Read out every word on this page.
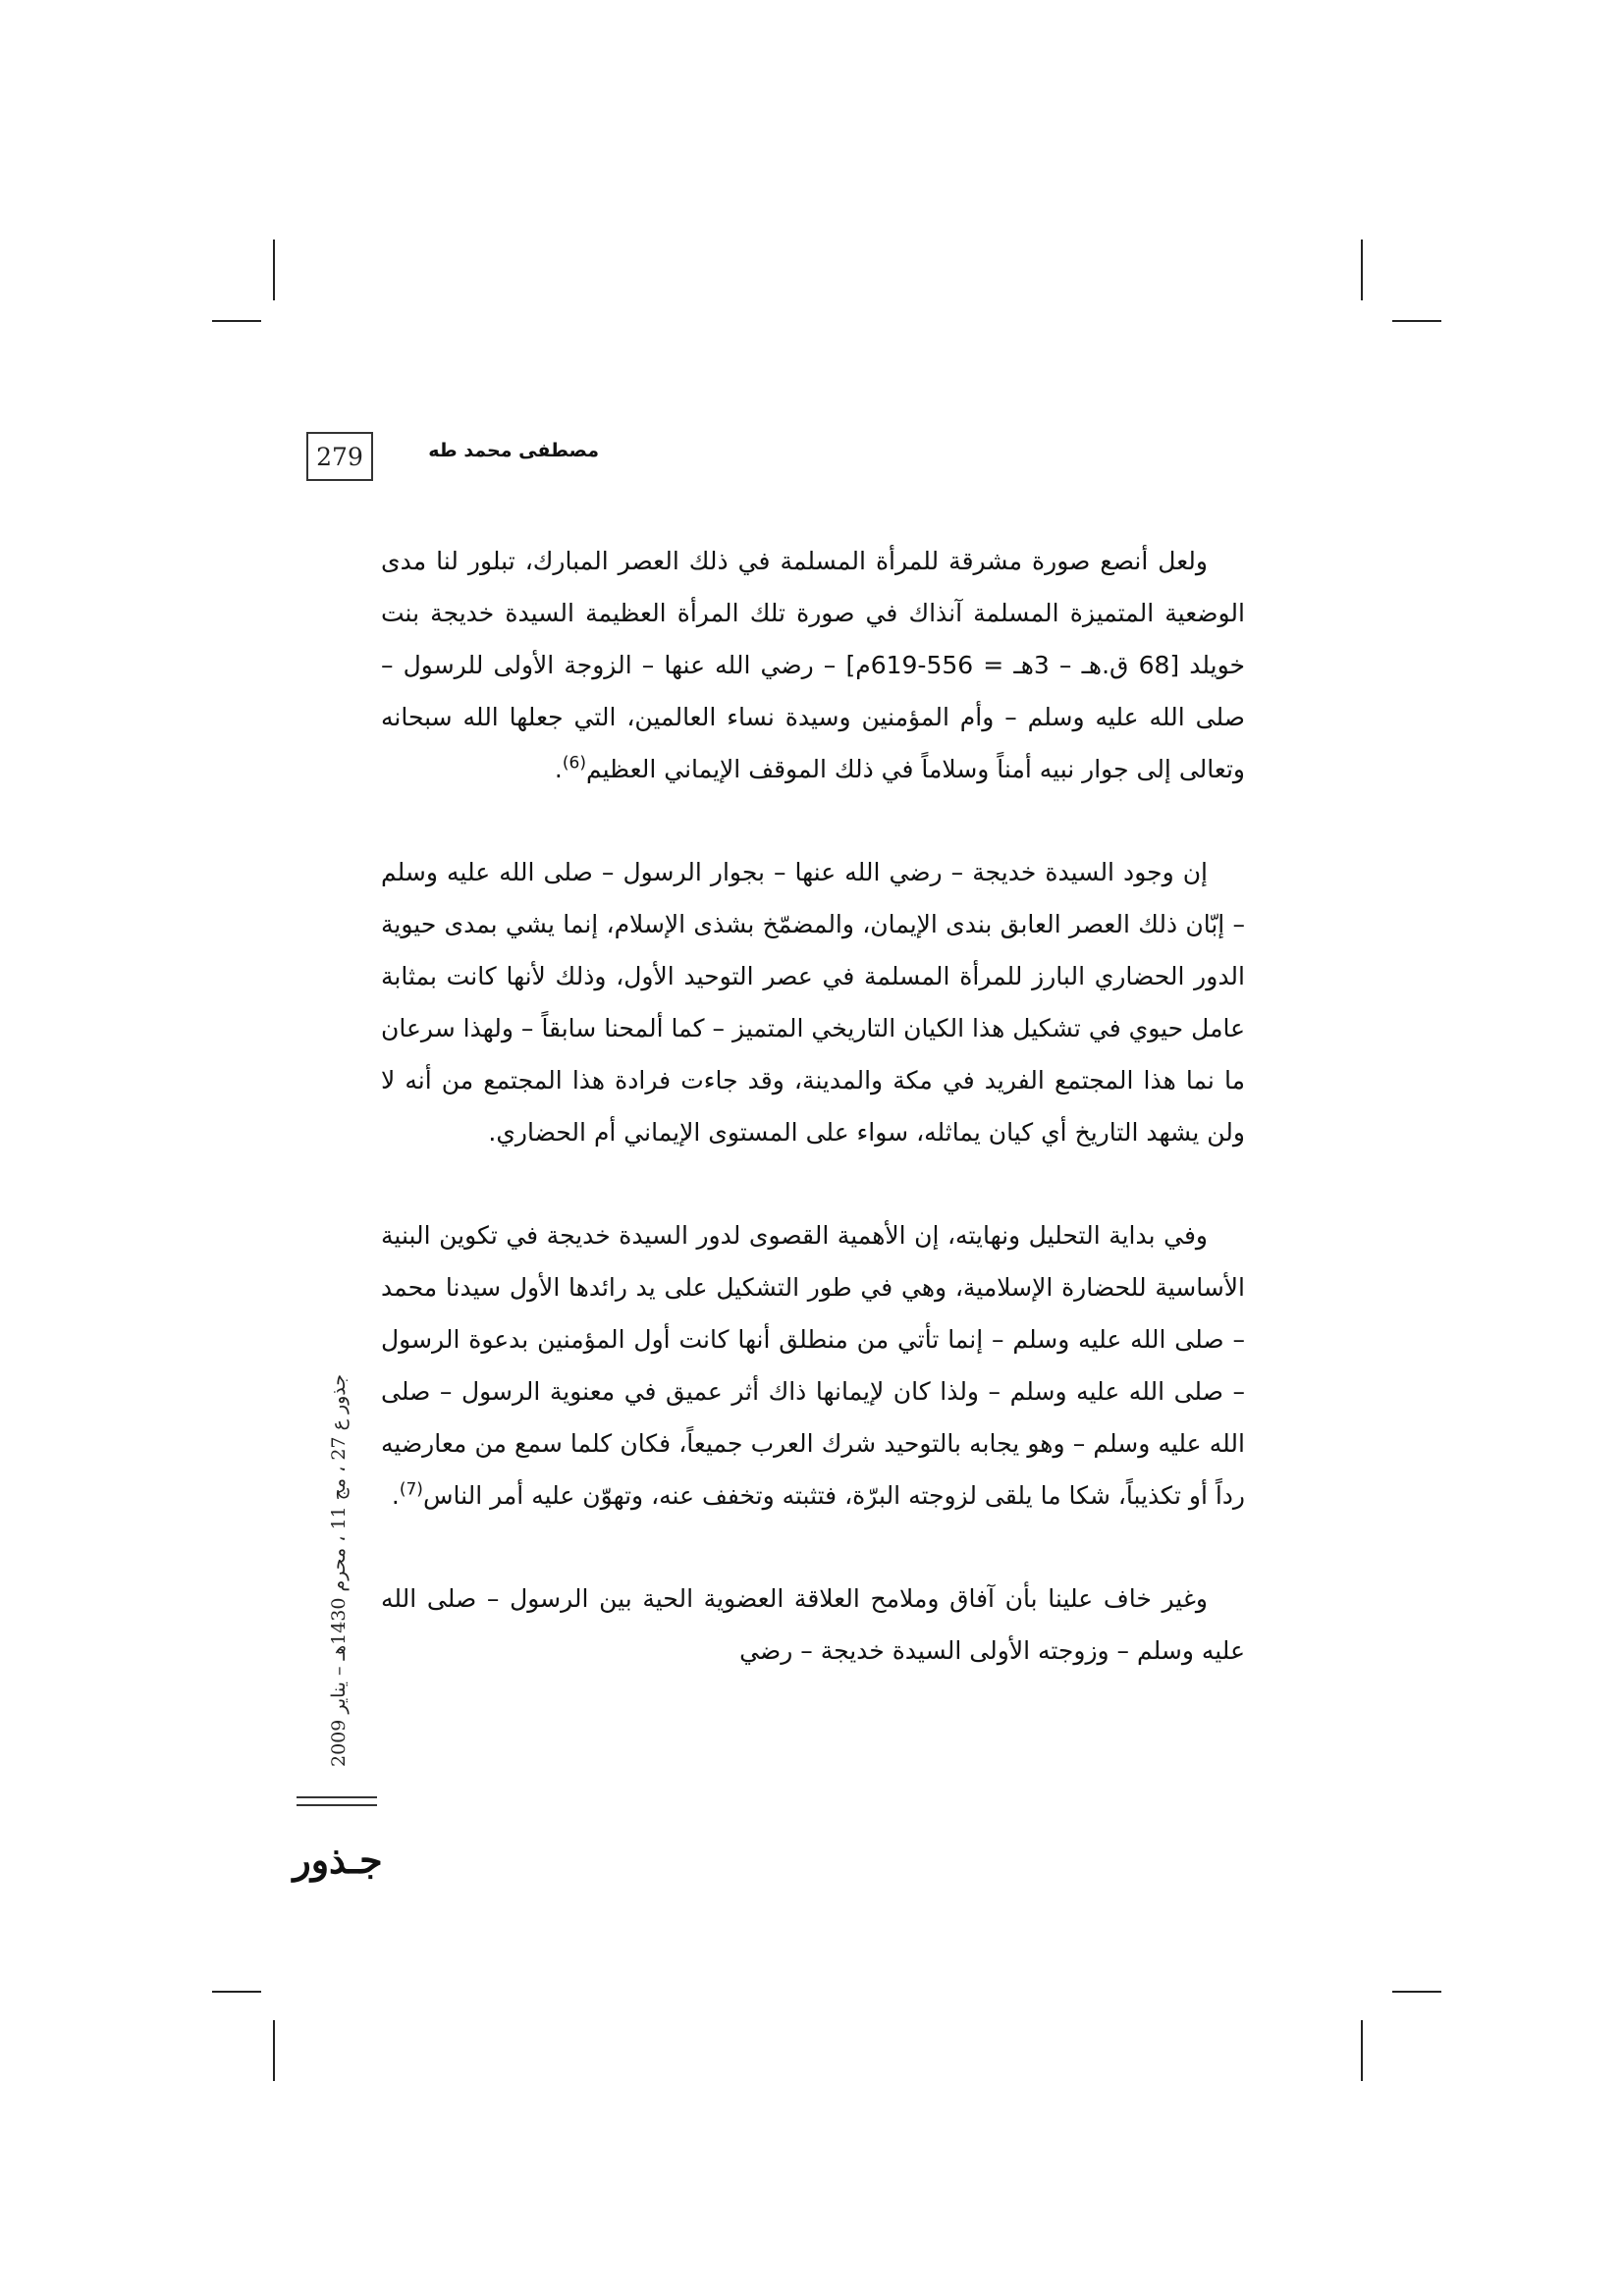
279	مصطفى محمد طه

ولعل أنصع صورة مشرقة للمرأة المسلمة في ذلك العصر المبارك، تبلور لنا مدى الوضعية المتميزة المسلمة آنذاك في صورة تلك المرأة العظيمة السيدة خديجة بنت خويلد [68 ق.هـ – 3هـ = 556-619م] – رضي الله عنها – الزوجة الأولى للرسول – صلى الله عليه وسلم – وأم المؤمنين وسيدة نساء العالمين، التي جعلها الله سبحانه وتعالى إلى جوار نبيه أمناً وسلاماً في ذلك الموقف الإيماني العظيم$^{(6)}$.

إن وجود السيدة خديجة – رضي الله عنها – بجوار الرسول – صلى الله عليه وسلم – إبّان ذلك العصر العابق بندى الإيمان، والمضمّخ بشذى الإسلام، إنما يشي بمدى حيوية الدور الحضاري البارز للمرأة المسلمة في عصر التوحيد الأول، وذلك لأنها كانت بمثابة عامل حيوي في تشكيل هذا الكيان التاريخي المتميز – كما ألمحنا سابقاً – ولهذا سرعان ما نما هذا المجتمع الفريد في مكة والمدينة، وقد جاءت فرادة هذا المجتمع من أنه لا ولن يشهد التاريخ أي كيان يماثله، سواء على المستوى الإيماني أم الحضاري.

وفي بداية التحليل ونهايته، إن الأهمية القصوى لدور السيدة خديجة في تكوين البنية الأساسية للحضارة الإسلامية، وهي في طور التشكيل على يد رائدها الأول سيدنا محمد – صلى الله عليه وسلم – إنما تأتي من منطلق أنها كانت أول المؤمنين بدعوة الرسول – صلى الله عليه وسلم – ولذا كان لإيمانها ذاك أثر عميق في معنوية الرسول – صلى الله عليه وسلم – وهو يجابه بالتوحيد شرك العرب جميعاً، فكان كلما سمع من معارضيه رداً أو تكذيباً، شكا ما يلقى لزوجته البرّة، فتثبته وتخفف عنه، وتهوّن عليه أمر الناس$^{(7)}$.

وغير خاف علينا بأن آفاق وملامح العلاقة العضوية الحية بين الرسول – صلى الله عليه وسلم – وزوجته الأولى السيدة خديجة – رضي

جذور ع 27 ، مج 11 ، محرم 1430هـ – يناير 2009
جـذور
